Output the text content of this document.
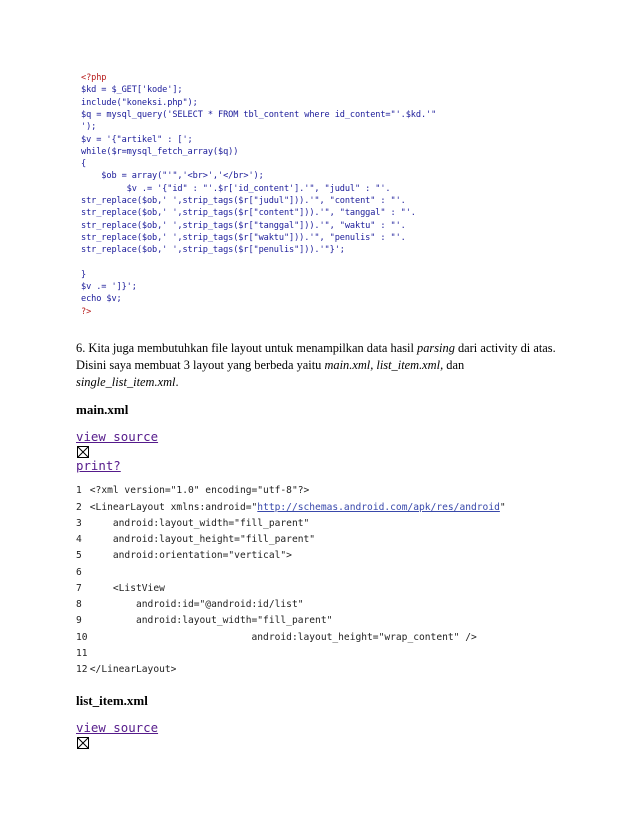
<?php
$kd = $_GET['kode'];
include("koneksi.php");
$q = mysql_query('SELECT * FROM tbl_content where id_content="'.$kd.'"
');
$v = '{"artikel" : [';
while($r=mysql_fetch_array($q))
{
$ob = array("'",'<br>','</br>');
$v .= '{"id" : "'.$r['id_content'].'", "judul" : "'.
str_replace($ob,' ',strip_tags($r["judul"])).'", "content" : "'.
str_replace($ob,' ',strip_tags($r["content"])).'", "tanggal" : "'.
str_replace($ob,' ',strip_tags($r["tanggal"])).'", "waktu" : "'.
str_replace($ob,' ',strip_tags($r["waktu"])).'", "penulis" : "'.
str_replace($ob,' ',strip_tags($r["penulis"])).'"}';
}
$v .= ']}';
echo $v;
?>
6. Kita juga membutuhkan file layout untuk menampilkan data hasil parsing dari activity di atas. Disini saya membuat 3 layout yang berbeda yaitu main.xml, list_item.xml, dan
single_list_item.xml.
main.xml
view source
print?
1 <?xml version="1.0" encoding="utf-8"?>
2 <LinearLayout xmlns:android="http://schemas.android.com/apk/res/android"
3     android:layout_width="fill_parent"
4     android:layout_height="fill_parent"
5     android:orientation="vertical">
6
7     <ListView
8         android:id="@android:id/list"
9         android:layout_width="fill_parent"
10                             android:layout_height="wrap_content" />
11
12 </LinearLayout>
list_item.xml
view source
